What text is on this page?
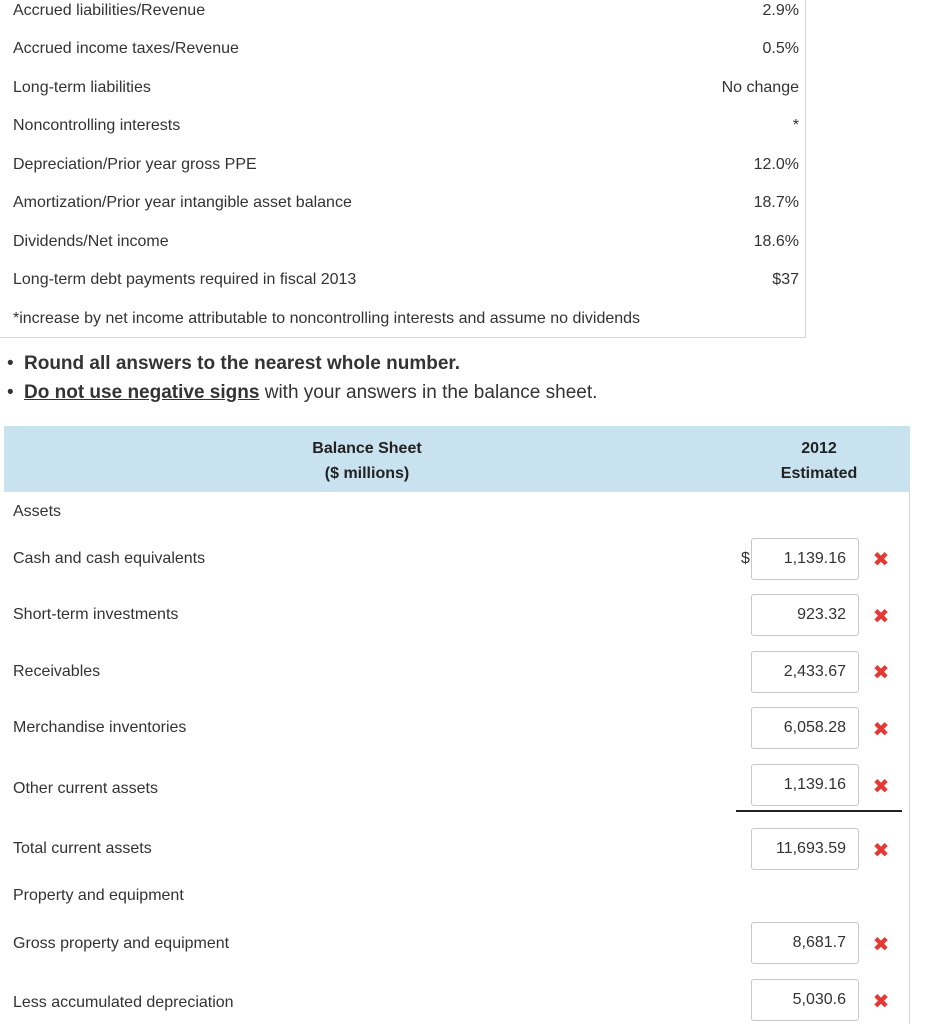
Accrued liabilities/Revenue	2.9%
Accrued income taxes/Revenue	0.5%
Long-term liabilities	No change
Noncontrolling interests	*
Depreciation/Prior year gross PPE	12.0%
Amortization/Prior year intangible asset balance	18.7%
Dividends/Net income	18.6%
Long-term debt payments required in fiscal 2013	$37
*increase by net income attributable to noncontrolling interests and assume no dividends
• Round all answers to the nearest whole number.
• Do not use negative signs with your answers in the balance sheet.
Balance Sheet
($ millions)
2012
Estimated
Assets
Cash and cash equivalents	$	1,139.16	✖
Short-term investments	923.32	✖
Receivables	2,433.67	✖
Merchandise inventories	6,058.28	✖
Other current assets	1,139.16	✖
Total current assets	11,693.59	✖
Property and equipment
Gross property and equipment	8,681.7	✖
Less accumulated depreciation	5,030.6	✖
